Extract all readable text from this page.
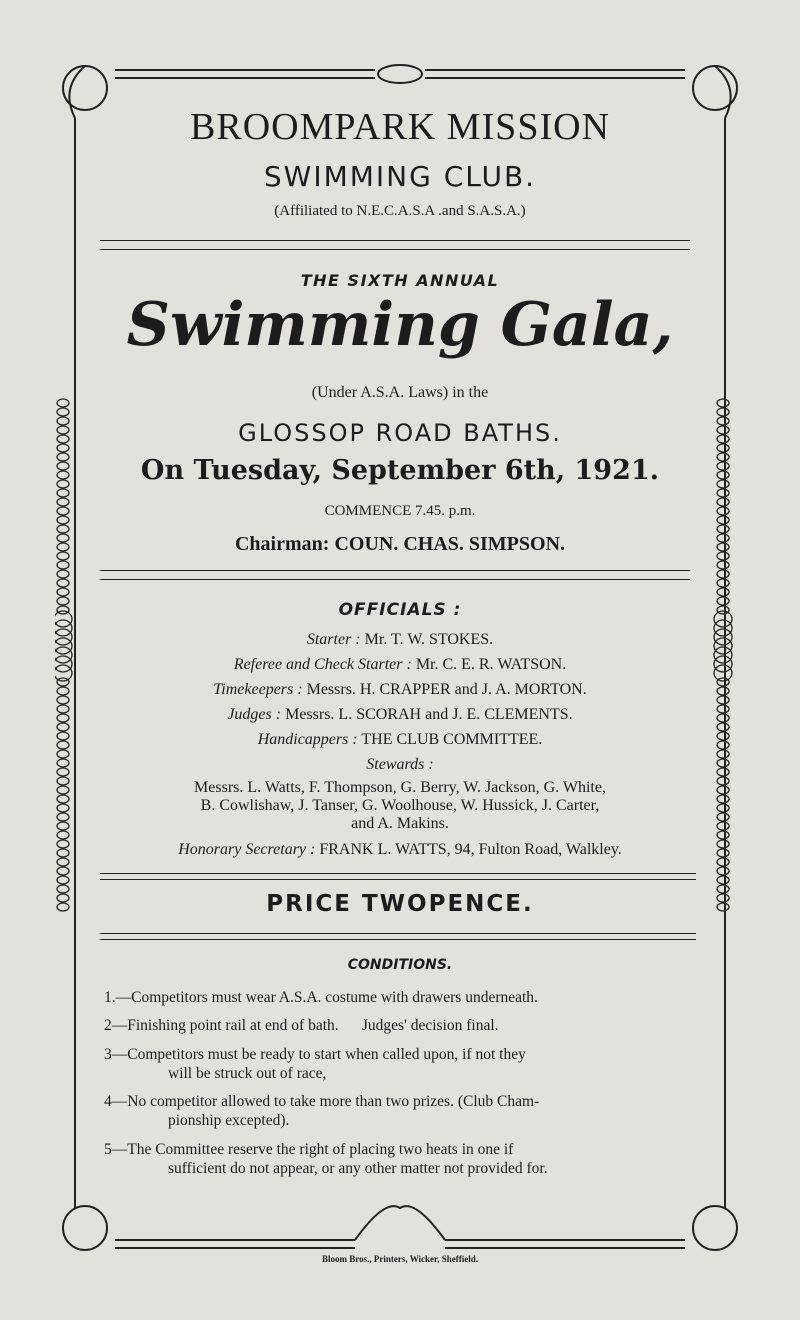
BROOMPARK MISSION
SWIMMING CLUB.
(Affiliated to N.E.C.A.S.A .and S.A.S.A.)
THE SIXTH ANNUAL
Swimming Gala,
(Under A.S.A. Laws) in the
GLOSSOP ROAD BATHS.
On Tuesday, September 6th, 1921.
COMMENCE 7.45. p.m.
Chairman: COUN. CHAS. SIMPSON.
OFFICIALS :
Starter : Mr. T. W. STOKES.
Referee and Check Starter : Mr. C. E. R. WATSON.
Timekeepers : Messrs. H. CRAPPER and J. A. MORTON.
Judges : Messrs. L. SCORAH and J. E. CLEMENTS.
Handicappers : THE CLUB COMMITTEE.
Stewards :
Messrs. L. Watts, F. Thompson, G. Berry, W. Jackson, G. White,
B. Cowlishaw, J. Tanser, G. Woolhouse, W. Hussick, J. Carter,
and A. Makins.
Honorary Secretary : FRANK L. WATTS, 94, Fulton Road, Walkley.
PRICE TWOPENCE.
CONDITIONS.
1.—Competitors must wear A.S.A. costume with drawers underneath.
2—Finishing point rail at end of bath.      Judges' decision final.
3—Competitors must be ready to start when called upon, if not they
will be struck out of race,
4—No competitor allowed to take more than two prizes. (Club Cham-
pionship excepted).
5—The Committee reserve the right of placing two heats in one if
sufficient do not appear, or any other matter not provided for.
Bloom Bros., Printers, Wicker, Sheffield.
